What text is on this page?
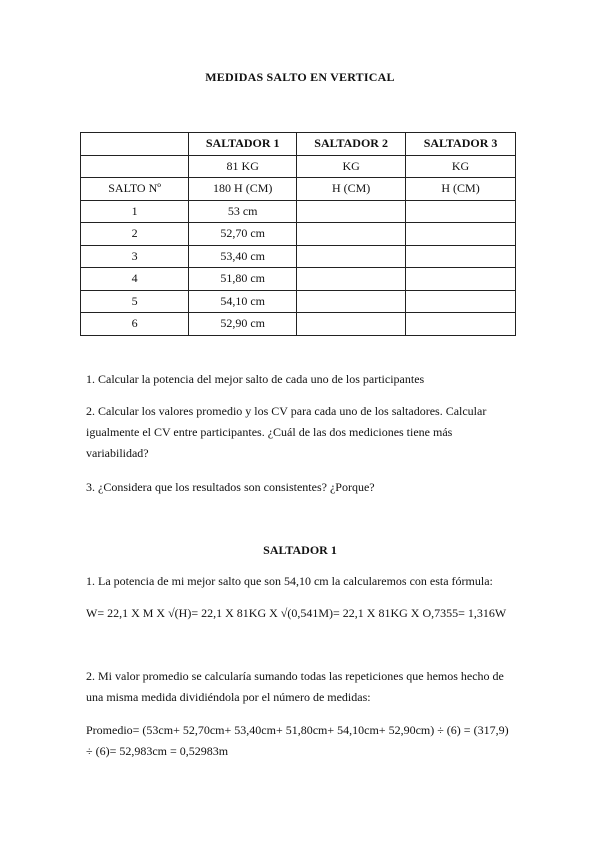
MEDIDAS SALTO EN VERTICAL
	SALTADOR 1	SALTADOR 2	SALTADOR 3
	81 KG	KG	KG
SALTO Nº	180 H (CM)	H (CM)	H (CM)
1	53 cm		
2	52,70 cm		
3	53,40 cm		
4	51,80 cm		
5	54,10 cm		
6	52,90 cm		
1. Calcular la potencia del mejor salto de cada uno de los participantes
2. Calcular los valores promedio y los CV para cada uno de los saltadores. Calcular igualmente el CV entre participantes. ¿Cuál de las dos mediciones tiene más variabilidad?
3. ¿Considera que los resultados son consistentes? ¿Porque?
SALTADOR 1
1. La potencia de mi mejor salto que son 54,10 cm la calcularemos con esta fórmula:
W= 22,1 X M X √(H)= 22,1 X 81KG X √(0,541M)= 22,1 X 81KG X O,7355= 1,316W
2. Mi valor promedio se calcularía sumando todas las repeticiones que hemos hecho de una misma medida dividiéndola por el número de medidas:
Promedio= (53cm+ 52,70cm+ 53,40cm+ 51,80cm+ 54,10cm+ 52,90cm) ÷ (6) = (317,9) ÷ (6)= 52,983cm = 0,52983m
